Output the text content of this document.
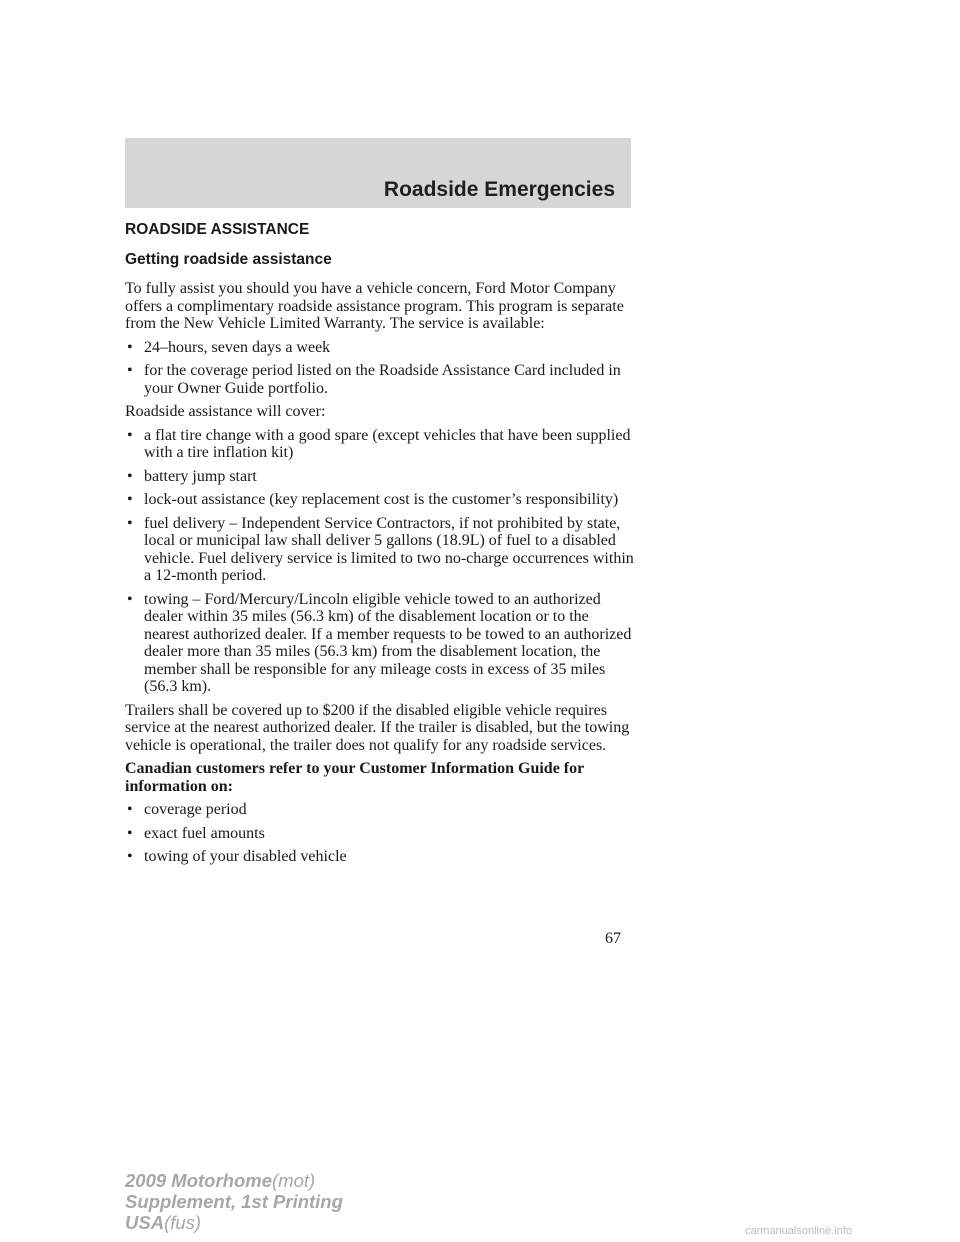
Roadside Emergencies
ROADSIDE ASSISTANCE
Getting roadside assistance

To fully assist you should you have a vehicle concern, Ford Motor Company offers a complimentary roadside assistance program. This program is separate from the New Vehicle Limited Warranty. The service is available:

• 24–hours, seven days a week
• for the coverage period listed on the Roadside Assistance Card included in your Owner Guide portfolio.

Roadside assistance will cover:

• a flat tire change with a good spare (except vehicles that have been supplied with a tire inflation kit)
• battery jump start
• lock-out assistance (key replacement cost is the customer’s responsibility)
• fuel delivery – Independent Service Contractors, if not prohibited by state, local or municipal law shall deliver 5 gallons (18.9L) of fuel to a disabled vehicle. Fuel delivery service is limited to two no-charge occurrences within a 12-month period.
• towing – Ford/Mercury/Lincoln eligible vehicle towed to an authorized dealer within 35 miles (56.3 km) of the disablement location or to the nearest authorized dealer. If a member requests to be towed to an authorized dealer more than 35 miles (56.3 km) from the disablement location, the member shall be responsible for any mileage costs in excess of 35 miles (56.3 km).

Trailers shall be covered up to $200 if the disabled eligible vehicle requires service at the nearest authorized dealer. If the trailer is disabled, but the towing vehicle is operational, the trailer does not qualify for any roadside services.

Canadian customers refer to your Customer Information Guide for information on:

• coverage period
• exact fuel amounts
• towing of your disabled vehicle
67
2009 Motorhome(mot)
Supplement, 1st Printing
USA(fus)	carmanualsonline.info
